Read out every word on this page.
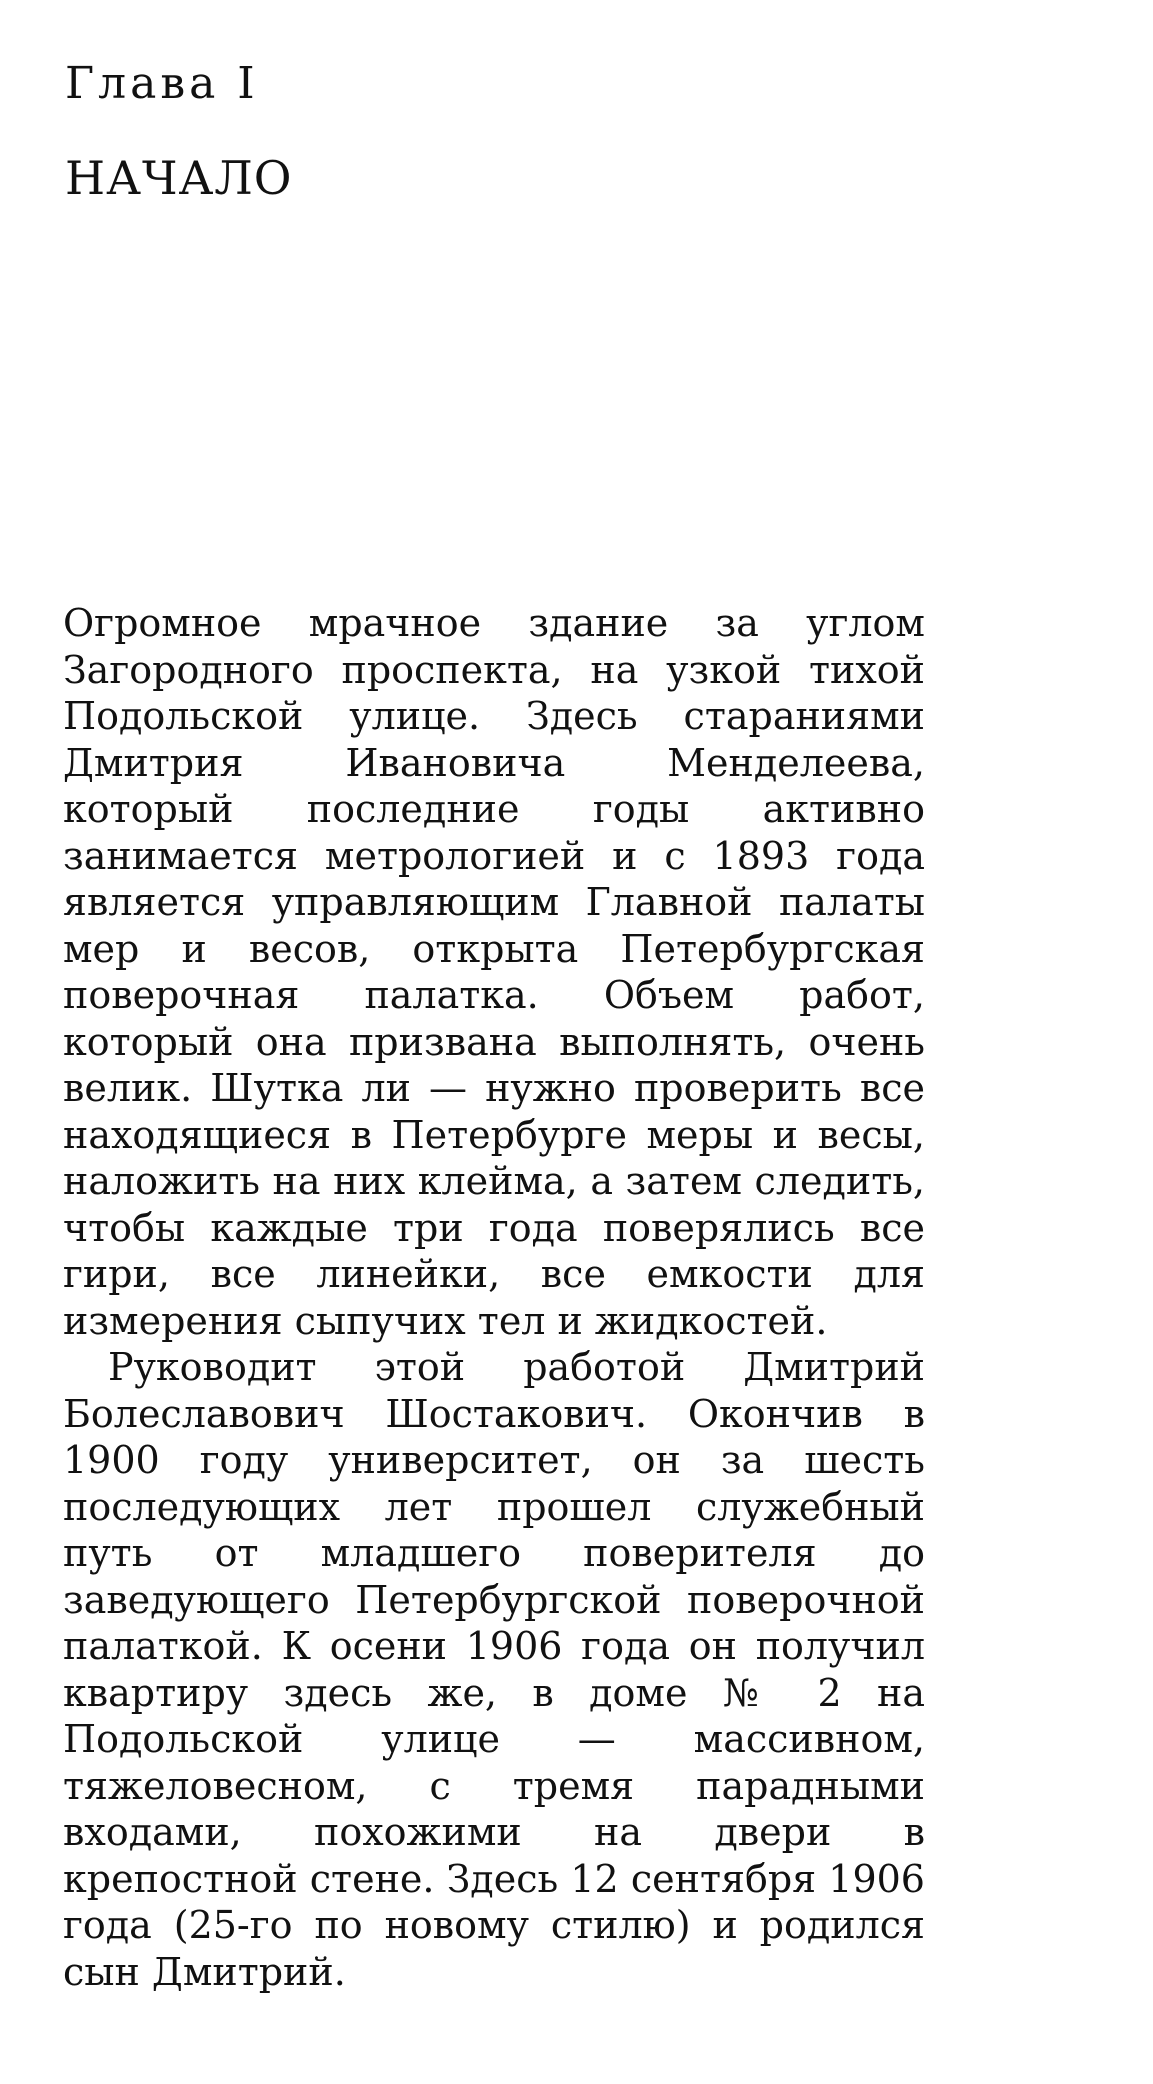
Глава I
НАЧАЛО

Огромное мрачное здание за углом Загородного проспекта, на узкой тихой Подольской улице. Здесь стараниями Дмитрия Ивановича Менделеева, который последние годы активно занимается метрологией и с 1893 года является управляющим Главной палаты мер и весов, открыта Петербургская поверочная палатка. Объем работ, который она призвана выполнять, очень велик. Шутка ли — нужно проверить все находящиеся в Петербурге меры и весы, наложить на них клейма, а затем следить, чтобы каждые три года поверялись все гири, все линейки, все емкости для измерения сыпучих тел и жидкостей.

Руководит этой работой Дмитрий Болеславович Шостакович. Окончив в 1900 году университет, он за шесть последующих лет прошел служебный путь от младшего поверителя до заведующего Петербургской поверочной палаткой. К осени 1906 года он получил квартиру здесь же, в доме № 2 на Подольской улице — массивном, тяжеловесном, с тремя парадными входами, похожими на двери в крепостной стене. Здесь 12 сентября 1906 года (25-го по новому стилю) и родился сын Дмитрий.
